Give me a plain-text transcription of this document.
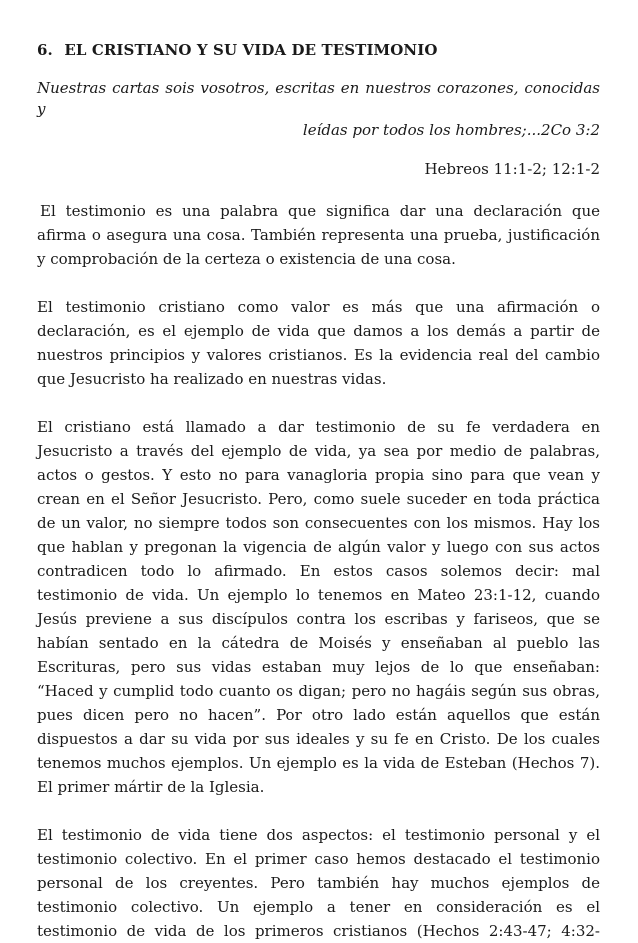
6. EL CRISTIANO Y SU VIDA DE TESTIMONIO

Nuestras cartas sois vosotros, escritas en nuestros corazones, conocidas y
leídas por todos los hombres;...2Co 3:2

Hebreos 11:1-2; 12:1-2

El testimonio es una palabra que significa dar una declaración que afirma o asegura una cosa. También representa una prueba, justificación y comprobación de la certeza o existencia de una cosa.

El testimonio cristiano como valor es más que una afirmación o declaración, es el ejemplo de vida que damos a los demás a partir de nuestros principios y valores cristianos. Es la evidencia real del cambio que Jesucristo ha realizado en nuestras vidas.

El cristiano está llamado a dar testimonio de su fe verdadera en Jesucristo a través del ejemplo de vida, ya sea por medio de palabras, actos o gestos. Y esto no para vanagloria propia sino para que vean y crean en el Señor Jesucristo. Pero, como suele suceder en toda práctica de un valor, no siempre todos son consecuentes con los mismos. Hay los que hablan y pregonan la vigencia de algún valor y luego con sus actos contradicen todo lo afirmado. En estos casos solemos decir: mal testimonio de vida. Un ejemplo lo tenemos en Mateo 23:1-12, cuando Jesús previene a sus discípulos contra los escribas y fariseos, que se habían sentado en la cátedra de Moisés y enseñaban al pueblo las Escrituras, pero sus vidas estaban muy lejos de lo que enseñaban: “Haced y cumplid todo cuanto os digan; pero no hagáis según sus obras, pues dicen pero no hacen”. Por otro lado están aquellos que están dispuestos a dar su vida por sus ideales y su fe en Cristo. De los cuales tenemos muchos ejemplos. Un ejemplo es la vida de Esteban (Hechos 7). El primer mártir de la Iglesia.

El testimonio de vida tiene dos aspectos: el testimonio personal y el testimonio colectivo. En el primer caso hemos destacado el testimonio personal de los creyentes. Pero también hay muchos ejemplos de testimonio colectivo. Un ejemplo a tener en consideración es el testimonio de vida de los primeros cristianos (Hechos 2:43-47; 4:32-
